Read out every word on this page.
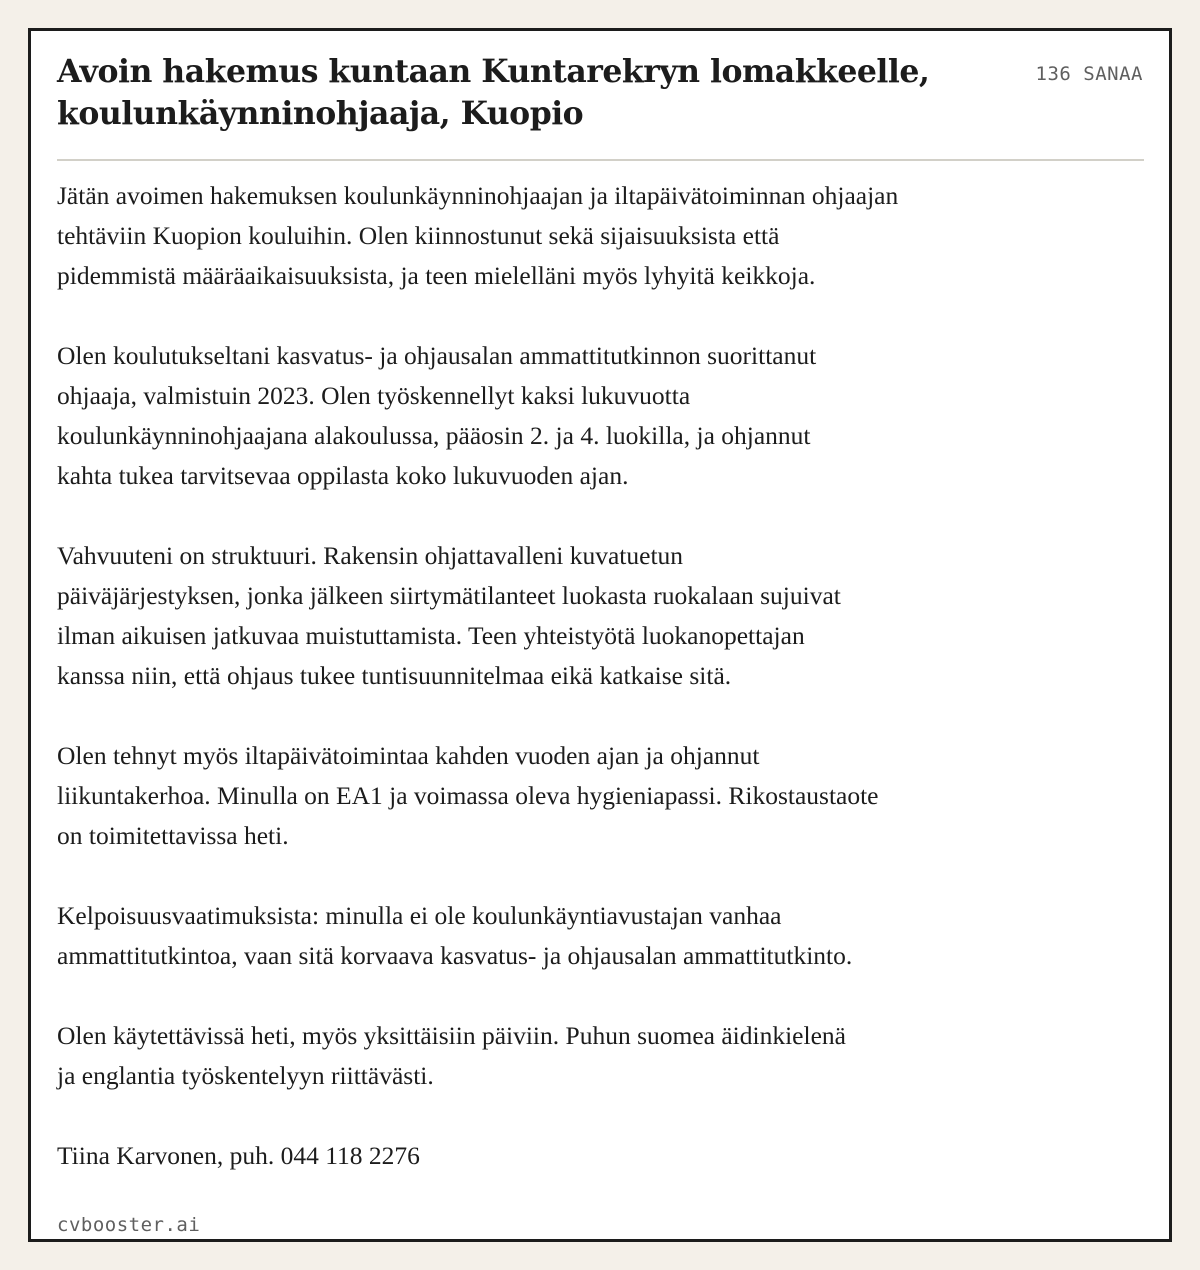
Avoin hakemus kuntaan Kuntarekryn lomakkeelle,
koulunkäynninohjaaja, Kuopio
136 SANAA
Jätän avoimen hakemuksen koulunkäynninohjaajan ja iltapäivätoiminnan ohjaajan
tehtäviin Kuopion kouluihin. Olen kiinnostunut sekä sijaisuuksista että
pidemmistä määräaikaisuuksista, ja teen mielelläni myös lyhyitä keikkoja.
Olen koulutukseltani kasvatus- ja ohjausalan ammattitutkinnon suorittanut
ohjaaja, valmistuin 2023. Olen työskennellyt kaksi lukuvuotta
koulunkäynninohjaajana alakoulussa, pääosin 2. ja 4. luokilla, ja ohjannut
kahta tukea tarvitsevaa oppilasta koko lukuvuoden ajan.
Vahvuuteni on struktuuri. Rakensin ohjattavalleni kuvatuetun
päiväjärjestyksen, jonka jälkeen siirtymätilanteet luokasta ruokalaan sujuivat
ilman aikuisen jatkuvaa muistuttamista. Teen yhteistyötä luokanopettajan
kanssa niin, että ohjaus tukee tuntisuunnitelmaa eikä katkaise sitä.
Olen tehnyt myös iltapäivätoimintaa kahden vuoden ajan ja ohjannut
liikuntakerhoa. Minulla on EA1 ja voimassa oleva hygieniapassi. Rikostaustaote
on toimitettavissa heti.
Kelpoisuusvaatimuksista: minulla ei ole koulunkäyntiavustajan vanhaa
ammattitutkintoa, vaan sitä korvaava kasvatus- ja ohjausalan ammattitutkinto.
Olen käytettävissä heti, myös yksittäisiin päiviin. Puhun suomea äidinkielenä
ja englantia työskentelyyn riittävästi.
Tiina Karvonen, puh. 044 118 2276
cvbooster.ai
